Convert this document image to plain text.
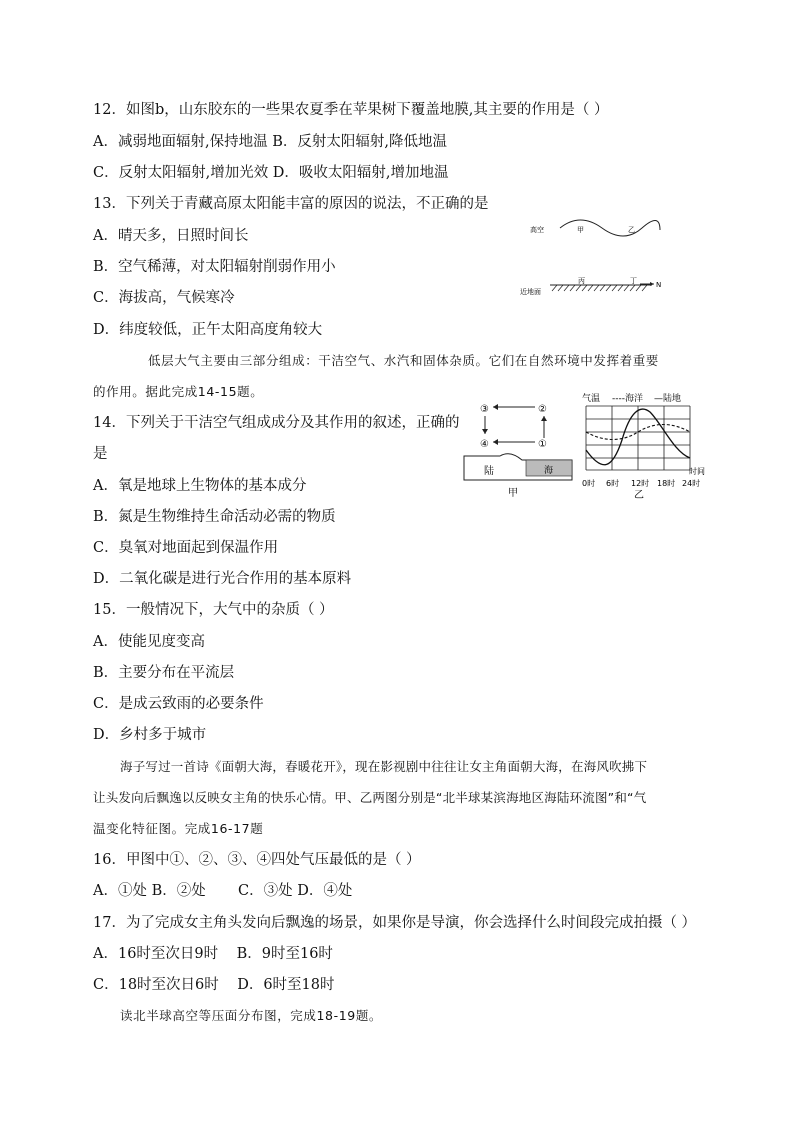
12．如图b，山东胶东的一些果农夏季在苹果树下覆盖地膜,其主要的作用是（ ）
A．减弱地面辐射,保持地温 B．反射太阳辐射,降低地温
C．反射太阳辐射,增加光效 D．吸收太阳辐射,增加地温
13．下列关于青藏高原太阳能丰富的原因的说法，不正确的是
A．晴天多，日照时间长
B．空气稀薄，对太阳辐射削弱作用小
C．海拔高，气候寒冷
D．纬度较低，正午太阳高度角较大
高空	甲	乙
近地面
丙	丁	N
低层大气主要由三部分组成：干洁空气、水汽和固体杂质。它们在自然环境中发挥着重要
的作用。据此完成14-15题。
14．下列关于干洁空气组成成分及其作用的叙述，正确的
是
A．氧是地球上生物体的基本成分
B．氮是生物维持生命活动必需的物质
C．臭氧对地面起到保温作用
D．二氧化碳是进行光合作用的基本原料
③	②
④	①
陆	海
甲
气温 ----海洋 —陆地
时间
0时 6时 12时 18时 24时
乙
15．一般情况下，大气中的杂质（ ）
A．使能见度变高
B．主要分布在平流层
C．是成云致雨的必要条件
D．乡村多于城市
海子写过一首诗《面朝大海，春暖花开》，现在影视剧中往往让女主角面朝大海，在海风吹拂下
让头发向后飘逸以反映女主角的快乐心情。甲、乙两图分别是“北半球某滨海地区海陆环流图”和“气
温变化特征图。完成16-17题
16．甲图中①、②、③、④四处气压最低的是（ ）
A．①处 B．②处       C．③处 D．④处
17．为了完成女主角头发向后飘逸的场景，如果你是导演，你会选择什么时间段完成拍摄（ ）
A．16时至次日9时    B．9时至16时
C．18时至次日6时    D．6时至18时
读北半球高空等压面分布图，完成18-19题。
